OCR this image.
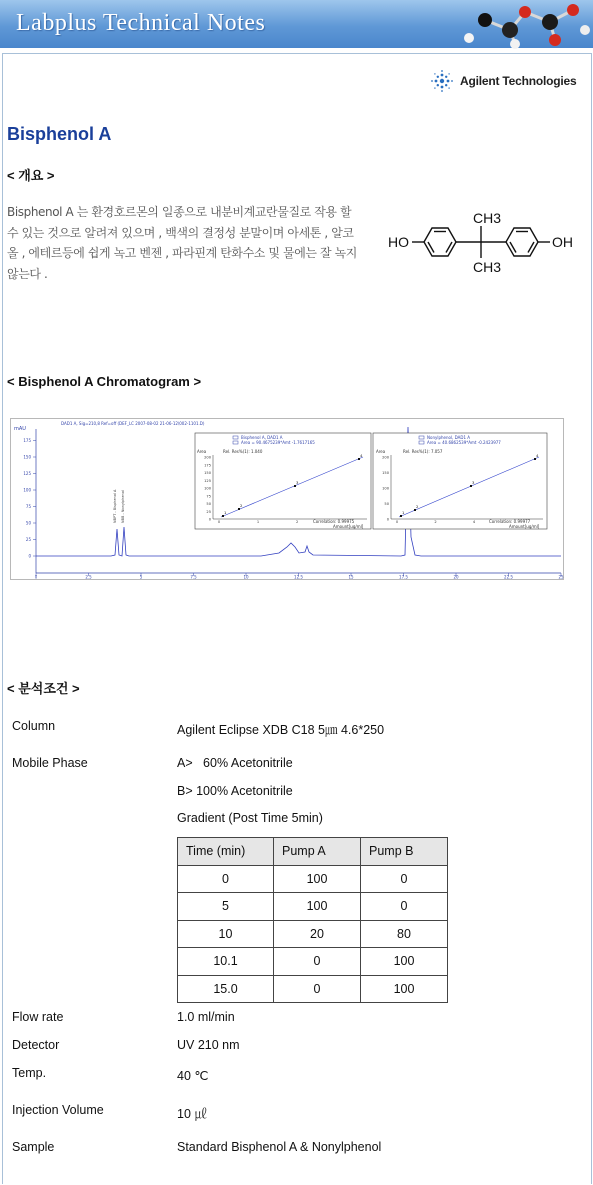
Labplus Technical Notes
Agilent Technologies
Bisphenol A
< 개요 >
Bisphenol A 는 환경호르몬의 일종으로 내분비계교란물질로 작용 할
수 있는 것으로 알려져 있으며 , 백색의 결정성 분말이며 아세톤 , 알코
올 , 에테르등에 쉽게 녹고 벤젠 , 파라핀계 탄화수소 및 물에는 잘 녹지
않는다 .
HO	OH
CH3
CH3
< Bisphenol A Chromatogram >
DAD1 A, Sig=210,8 Ref=off (DEF_LC 2007-08-02 21-06-12\002-1101.D)
mAU
0
25
50
75
100
125
150
175
0	2.5	5	7.5	10	12.5	15	17.5	20	22.5	25
NBPT - Bisphenol A NBB - Nonylphenol
Bisphenol A, DAD1 A
Area = 90.4675239*Amt -1.7617165
Area	Rel. Res%(1): 1.040
0
25
50
75
100
125
150
175
200
0	1	2
1
2
3
4
Correlation: 0.99975
Amount[ug/ml]
Nonylphenol, DAD1 A
Area = 40.6862539*Amt -0.2423977
Area	Rel. Res%(1): 7.057
0
50
100
150
200
0	2	4
1
2
3
4
Correlation: 0.99977
Amount[ug/ml]
< 분석조건 >
Column	Agilent Eclipse XDB C18 5㎛ 4.6*250
Mobile Phase	A>   60% Acetonitrile
B> 100% Acetonitrile
Gradient (Post Time 5min)
Time (min)	Pump A	Pump B
0	100	0
5	100	0
10	20	80
10.1	0	100
15.0	0	100
Flow rate	1.0 ml/min
Detector	UV 210 nm
Temp.	40 ℃
Injection Volume	10 ㎕
Sample	Standard Bisphenol A & Nonylphenol
